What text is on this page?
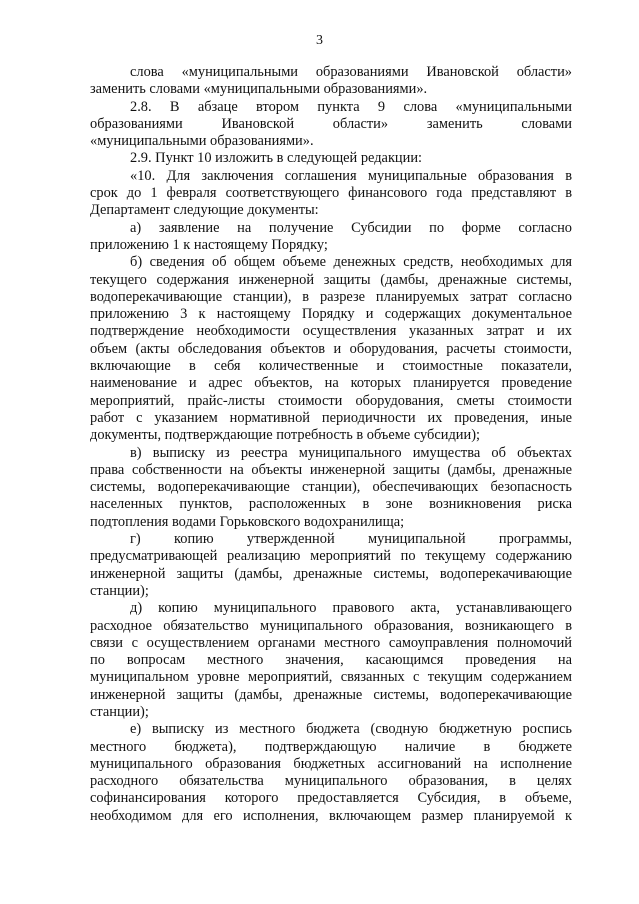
3
слова «муниципальными образованиями Ивановской области»
заменить словами «муниципальными образованиями».
2.8. В абзаце втором пункта 9 слова «муниципальными
образованиями Ивановской области» заменить словами
«муниципальными образованиями».
2.9. Пункт 10 изложить в следующей редакции:
«10. Для заключения соглашения муниципальные образования в
срок до 1 февраля соответствующего финансового года представляют в
Департамент следующие документы:
а) заявление на получение Субсидии по форме согласно
приложению 1 к настоящему Порядку;
б) сведения об общем объеме денежных средств, необходимых для
текущего содержания инженерной защиты (дамбы, дренажные системы,
водоперекачивающие станции), в разрезе планируемых затрат согласно
приложению 3 к настоящему Порядку и содержащих документальное
подтверждение необходимости осуществления указанных затрат и их
объем (акты обследования объектов и оборудования, расчеты стоимости,
включающие в себя количественные и стоимостные показатели,
наименование и адрес объектов, на которых планируется проведение
мероприятий, прайс-листы стоимости оборудования, сметы стоимости
работ с указанием нормативной периодичности их проведения, иные
документы, подтверждающие потребность в объеме субсидии);
в) выписку из реестра муниципального имущества об объектах
права собственности на объекты инженерной защиты (дамбы, дренажные
системы, водоперекачивающие станции), обеспечивающих безопасность
населенных пунктов, расположенных в зоне возникновения риска
подтопления водами Горьковского водохранилища;
г) копию утвержденной муниципальной программы,
предусматривающей реализацию мероприятий по текущему содержанию
инженерной защиты (дамбы, дренажные системы, водоперекачивающие
станции);
д) копию муниципального правового акта, устанавливающего
расходное обязательство муниципального образования, возникающего в
связи с осуществлением органами местного самоуправления полномочий
по вопросам местного значения, касающимся проведения на
муниципальном уровне мероприятий, связанных с текущим содержанием
инженерной защиты (дамбы, дренажные системы, водоперекачивающие
станции);
е) выписку из местного бюджета (сводную бюджетную роспись
местного бюджета), подтверждающую наличие в бюджете
муниципального образования бюджетных ассигнований на исполнение
расходного обязательства муниципального образования, в целях
софинансирования которого предоставляется Субсидия, в объеме,
необходимом для его исполнения, включающем размер планируемой к
